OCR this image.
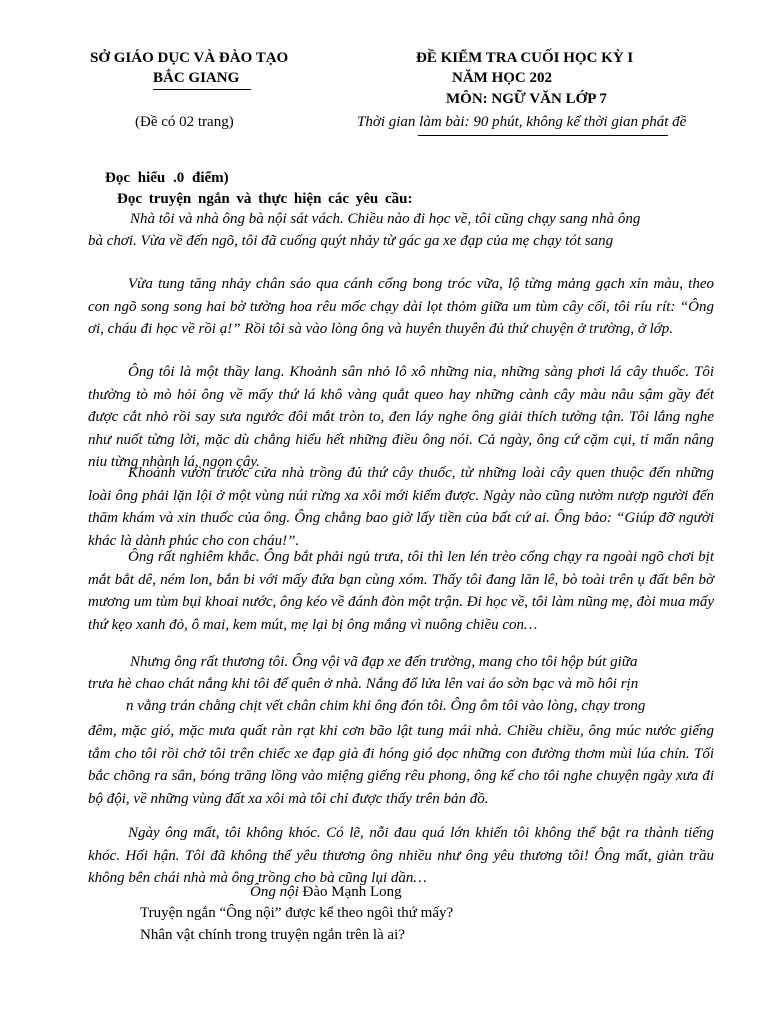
SỞ GIÁO DỤC VÀ ĐÀO TẠO
BẮC GIANG
(Đề có 02 trang)
ĐỀ KIỂM TRA CUỐI HỌC KỲ I
NĂM HỌC 202
MÔN: NGỮ VĂN LỚP 7
Thời gian làm bài: 90 phút, không kể thời gian phát đề
Đọc hiểu .0 điểm)
Đọc truyện ngắn và thực hiện các yêu cầu:
Nhà tôi và nhà ông bà nội sát vách. Chiều nào đi học về, tôi cũng chạy sang nhà ông
bà chơi. Vừa về đến ngõ, tôi đã cuống quýt nhảy từ gác ga xe đạp của mẹ chạy tót sang
Vừa tung tăng nhảy chân sáo qua cánh cổng bong tróc vữa, lộ từng mảng gạch xỉn màu, theo con ngõ song song hai bờ tường hoa rêu mốc chạy dài lọt thỏm giữa um tùm cây cối, tôi ríu rít: “Ông ơi, cháu đi học về rồi ạ!” Rồi tôi sà vào lòng ông và huyên thuyên đủ thứ chuyện ở trường, ở lớp.
Ông tôi là một thầy lang. Khoảnh sân nhỏ lô xô những nia, những sàng phơi lá cây thuốc. Tôi thường tò mò hỏi ông về mấy thứ lá khô vàng quắt queo hay những cành cây màu nâu sậm gầy đét được cắt nhỏ rồi say sưa ngước đôi mắt tròn to, đen láy nghe ông giải thích tường tận. Tôi lắng nghe như nuốt từng lời, mặc dù chẳng hiểu hết những điều ông nói. Cả ngày, ông cứ cặm cụi, tỉ mẩn nâng niu từng nhành lá, ngọn cây.
Khoảnh vườn trước cửa nhà trồng đủ thứ cây thuốc, từ những loài cây quen thuộc đến những loài ông phải lặn lội ở một vùng núi rừng xa xôi mới kiếm được. Ngày nào cũng nườm nượp người đến thăm khám và xin thuốc của ông. Ông chẳng bao giờ lấy tiền của bất cứ ai. Ông bảo: “Giúp đỡ người khác là dành phúc cho con cháu!”.
Ông rất nghiêm khắc. Ông bắt phải ngủ trưa, tôi thì len lén trèo cổng chạy ra ngoài ngõ chơi bịt mắt bắt dê, ném lon, bắn bi với mấy đứa bạn cùng xóm. Thấy tôi đang lăn lê, bò toài trên ụ đất bên bờ mương um tùm bụi khoai nước, ông kéo về đánh đòn một trận. Đi học về, tôi làm nũng mẹ, đòi mua mấy thứ kẹo xanh đỏ, ô mai, kem mút, mẹ lại bị ông mắng vì nuông chiều con…
Nhưng ông rất thương tôi. Ông vội vã đạp xe đến trường, mang cho tôi hộp bút giữa
trưa hè chao chát nắng khi tôi để quên ở nhà. Nắng đổ lửa lên vai áo sờn bạc và mồ hôi rịn
n vằng trán chằng chịt vết chân chim khi ông đón tôi. Ông ôm tôi vào lòng, chạy trong
đêm, mặc gió, mặc mưa quất ràn rạt khi cơn bão lật tung mái nhà. Chiều chiều, ông múc nước giếng tắm cho tôi rồi chở tôi trên chiếc xe đạp già đi hóng gió dọc những con đường thơm mùi lúa chín. Tối bắc chõng ra sân, bóng trăng lồng vào miệng giếng rêu phong, ông kể cho tôi nghe chuyện ngày xưa đi bộ đội, về những vùng đất xa xôi mà tôi chỉ được thấy trên bản đồ.
Ngày ông mất, tôi không khóc. Có lẽ, nỗi đau quá lớn khiến tôi không thể bật ra thành tiếng khóc. Hối hận. Tôi đã không thể yêu thương ông nhiều như ông yêu thương tôi! Ông mất, giàn trầu không bên chái nhà mà ông trồng cho bà cũng lụi dần…
Ông nội Đào Mạnh Long
Truyện ngắn “Ông nội” được kể theo ngôi thứ mấy?
Nhân vật chính trong truyện ngắn trên là ai?
